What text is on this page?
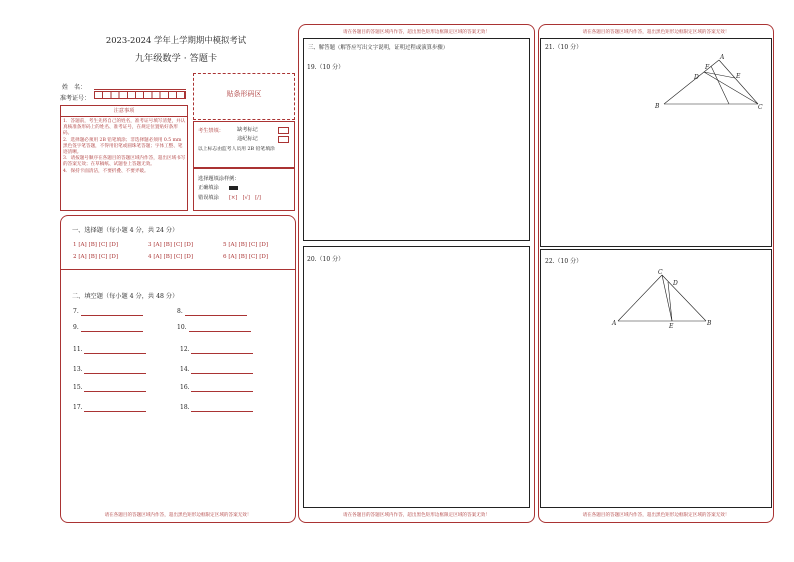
2023-2024 学年上学期期中模拟考试
九年级数学 · 答题卡
姓　名：
准考证号：
贴条形码区
注意事项
1．答题前，考生先将自己的姓名，准考证号填写清楚，并认真核准条形码上的姓名、准考证号，在规定位置贴好条形码。
2．选择题必须用 2B 铅笔填涂；非选择题必须用 0.5 mm 黑色签字笔答题，不得用铅笔或圆珠笔答题；字体工整、笔迹清晰。
3．请按题号顺序在各题目的答题区域内作答，超出区域书写的答案无效；在草稿纸、试题卷上答题无效。
4．保持卡面清洁，不要折叠、不要弄破。
考生禁填：	缺考标记
违纪标记
以上标志由监考人员用 2B 铅笔填涂
选择题填涂样例：
正确填涂
错误填涂 [×]　[√]　[/]
一、选择题（每小题 4 分，共 24 分）
1 [A] [B] [C] [D]	3 [A] [B] [C] [D]	5 [A] [B] [C] [D]
2 [A] [B] [C] [D]	4 [A] [B] [C] [D]	6 [A] [B] [C] [D]
二、填空题（每小题 4 分，共 48 分）
7.	8.
9.	10.
11.	12.
13.	14.
15.	16.
17.	18.
请在各题目的答题区域内作答，超出黑色矩形边框限定区域的答案无效！
请在各题目的答题区域内作答，超出黑色矩形边框限定区域的答案无效！
三、解答题（解答应写出文字说明，证明过程或演算步骤）
19.（10 分）
20.（10 分）
请在各题目的答题区域内作答，超出黑色矩形边框限定区域的答案无效！
请在各题目的答题区域内作答，超出黑色矩形边框限定区域的答案无效！
21.（10 分）
A
B	C
D	E
F
22.（10 分）
C
D
A	B
E
请在各题目的答题区域内作答，超出黑色矩形边框限定区域的答案无效！
